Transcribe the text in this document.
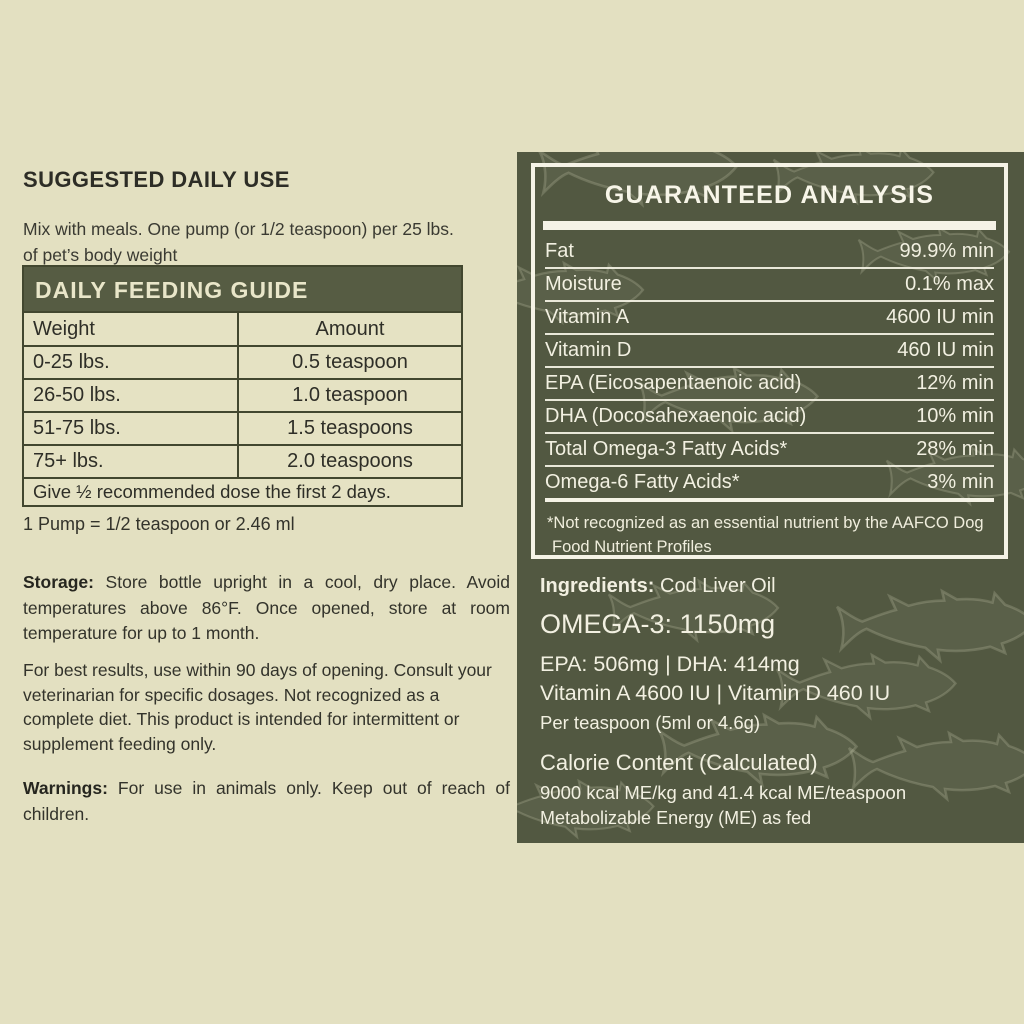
SUGGESTED DAILY USE

Mix with meals. One pump (or 1/2 teaspoon) per 25 lbs.
of pet’s body weight

DAILY FEEDING GUIDE
Weight	Amount
0-25 lbs.	0.5 teaspoon
26-50 lbs.	1.0 teaspoon
51-75 lbs.	1.5 teaspoons
75+ lbs.	2.0 teaspoons
Give ½ recommended dose the first 2 days.
1 Pump = 1/2 teaspoon or 2.46 ml

Storage: Store bottle upright in a cool, dry place. Avoid temperatures above 86°F. Once opened, store at room temperature for up to 1 month.

For best results, use within 90 days of opening. Consult your veterinarian for specific dosages. Not recognized as a complete diet. This product is intended for intermittent or supplement feeding only.

Warnings: For use in animals only. Keep out of reach of children.

GUARANTEED ANALYSIS
Fat	99.9% min
Moisture	0.1% max
Vitamin A	4600 IU min
Vitamin D	460 IU min
EPA (Eicosapentaenoic acid)	12% min
DHA (Docosahexaenoic acid)	10% min
Total Omega-3 Fatty Acids*	28% min
Omega-6 Fatty Acids*	3% min
*Not recognized as an essential nutrient by the AAFCO Dog
Food Nutrient Profiles

Ingredients: Cod Liver Oil

OMEGA-3: 1150mg

EPA: 506mg | DHA: 414mg

Vitamin A 4600 IU | Vitamin D 460 IU

Per teaspoon (5ml or 4.6g)

Calorie Content (Calculated)

9000 kcal ME/kg and 41.4 kcal ME/teaspoon

Metabolizable Energy (ME) as fed
